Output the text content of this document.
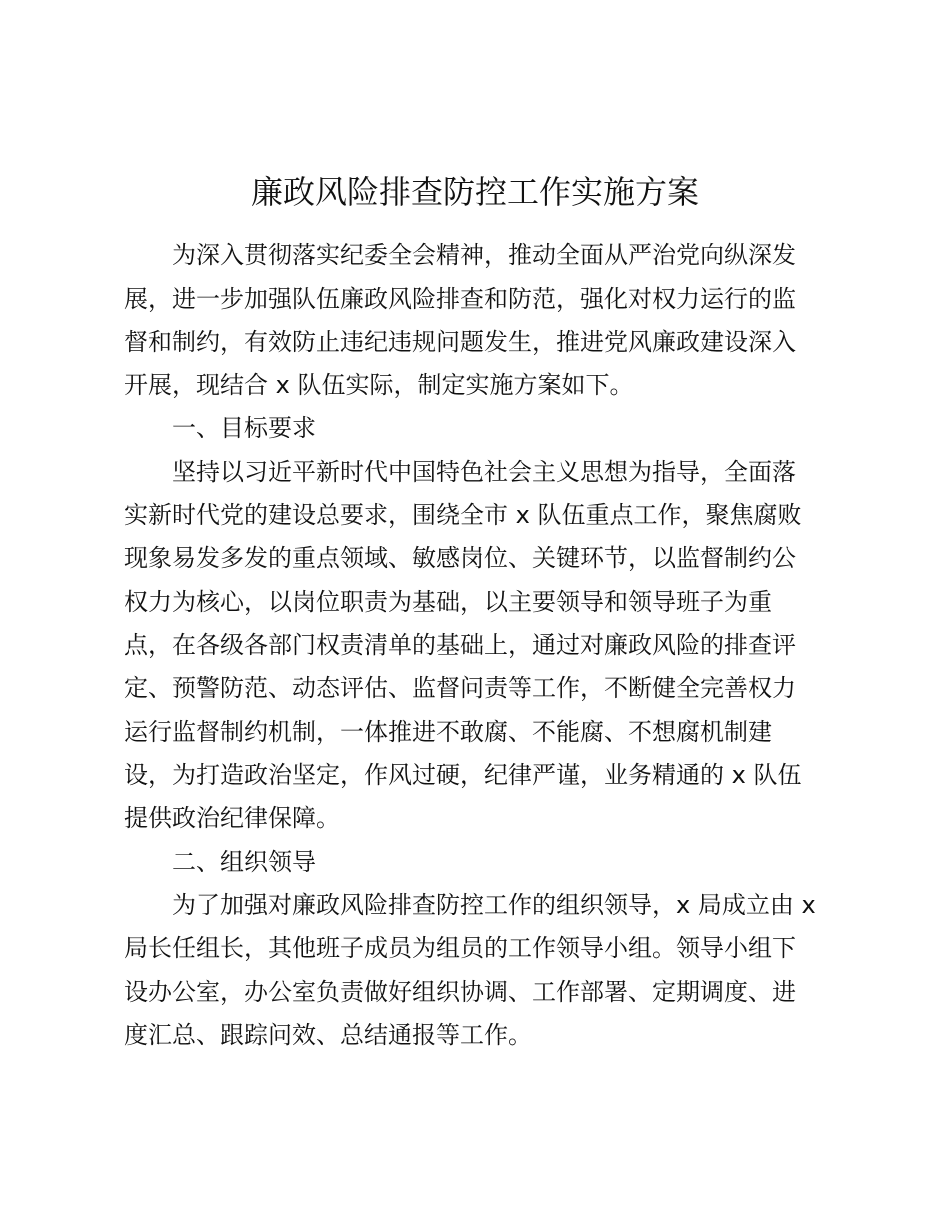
廉政风险排查防控工作实施方案
为深入贯彻落实纪委全会精神，推动全面从严治党向纵深发
展，进一步加强队伍廉政风险排查和防范，强化对权力运行的监
督和制约，有效防止违纪违规问题发生，推进党风廉政建设深入
开展，现结合 x 队伍实际，制定实施方案如下。
一、目标要求
坚持以习近平新时代中国特色社会主义思想为指导，全面落
实新时代党的建设总要求，围绕全市 x 队伍重点工作，聚焦腐败
现象易发多发的重点领域、敏感岗位、关键环节，以监督制约公
权力为核心，以岗位职责为基础，以主要领导和领导班子为重
点，在各级各部门权责清单的基础上，通过对廉政风险的排查评
定、预警防范、动态评估、监督问责等工作，不断健全完善权力
运行监督制约机制，一体推进不敢腐、不能腐、不想腐机制建
设，为打造政治坚定，作风过硬，纪律严谨，业务精通的 x 队伍
提供政治纪律保障。
二、组织领导
为了加强对廉政风险排查防控工作的组织领导，x 局成立由 x
局长任组长，其他班子成员为组员的工作领导小组。领导小组下
设办公室，办公室负责做好组织协调、工作部署、定期调度、进
度汇总、跟踪问效、总结通报等工作。
